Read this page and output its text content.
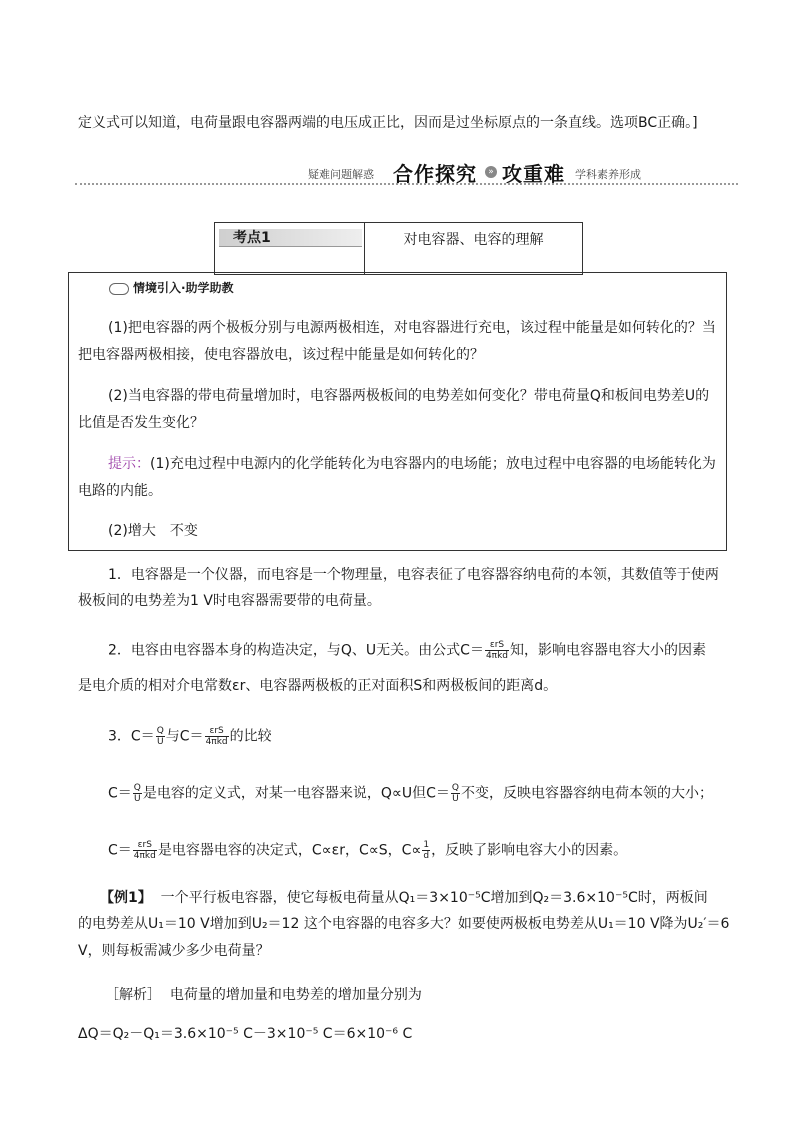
定义式可以知道，电荷量跟电容器两端的电压成正比，因而是过坐标原点的一条直线。选项BC正确。]
疑难问题解惑 合作探究	» 攻重难 学科素养形成
考点1	对电容器、电容的理解
情境引入·助学助教
(1)把电容器的两个极板分别与电源两极相连，对电容器进行充电，该过程中能量是如何转化的？当
把电容器两极相接，使电容器放电，该过程中能量是如何转化的？
(2)当电容器的带电荷量增加时，电容器两极板间的电势差如何变化？带电荷量Q和板间电势差U的
比值是否发生变化？
提示：(1)充电过程中电源内的化学能转化为电容器内的电场能；放电过程中电容器的电场能转化为
电路的内能。
(2)增大　不变
1．电容器是一个仪器，而电容是一个物理量，电容表征了电容器容纳电荷的本领，其数值等于使两
极板间的电势差为1 V时电容器需要带的电荷量。
2．电容由电容器本身的构造决定，与Q、U无关。由公式$C= \frac{\text{εrS}}{\text{4πkd}}$ 知，影响电容器电容大小的因素
是电介质的相对介电常数εr、电容器两极板的正对面积S和两极板间的距离d。
3．$C= \frac{Q}{U}$ 与$C= \frac{\text{εrS}}{\text{4πkd}}$ 的比较
$C= \frac{Q}{U}$ 是电容的定义式，对某一电容器来说，Q∝U但$C= \frac{Q}{U}$ 不变，反映电容器容纳电荷本领的大小；
$C= \frac{\text{εrS}}{\text{4πkd}}$ 是电容器电容的决定式，C∝εr，C∝S，$C\propto \frac{1}{d}$ ，反映了影响电容大小的因素。
【例1】 一个平行板电容器，使它每板电荷量从Q₁＝3×10⁻⁵C增加到Q₂＝3.6×10⁻⁵C时，两板间
的电势差从U₁＝10 V增加到U₂＝12 这个电容器的电容多大？如要使两极板电势差从U₁＝10 V降为U₂′＝6
V，则每板需减少多少电荷量？
［解析］ 电荷量的增加量和电势差的增加量分别为
ΔQ＝Q₂－Q₁＝3.6×10⁻⁵ C－3×10⁻⁵ C＝6×10⁻⁶ C
